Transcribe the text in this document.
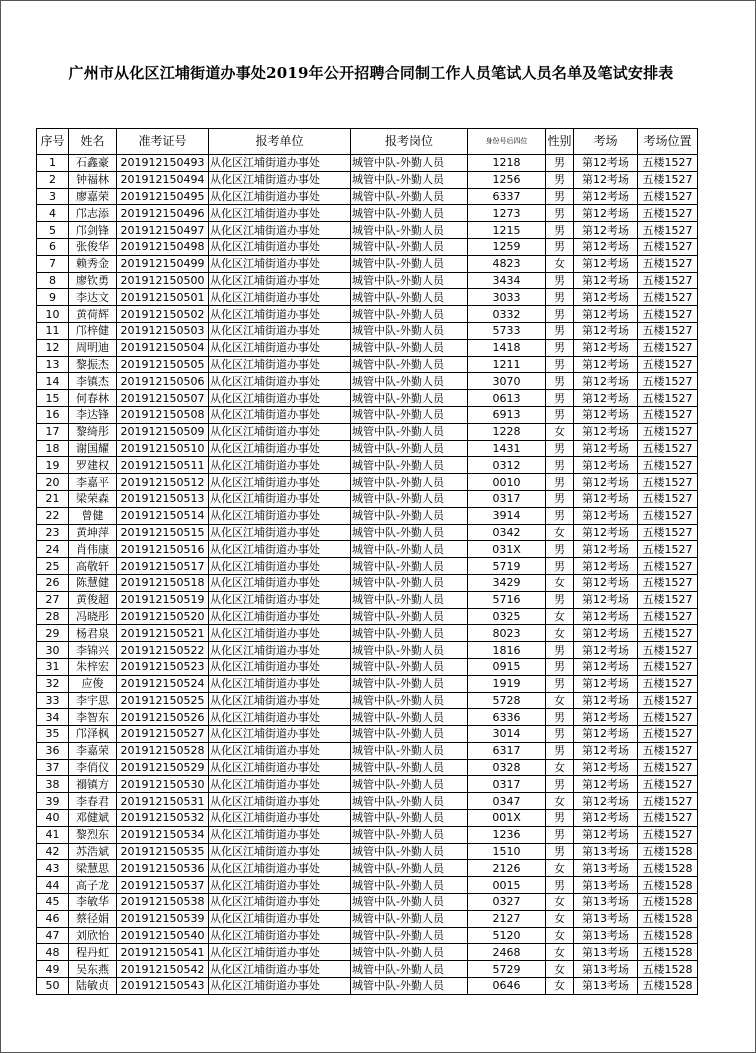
广州市从化区江埔街道办事处2019年公开招聘合同制工作人员笔试人员名单及笔试安排表
序号	姓名	准考证号	报考单位	报考岗位	身份号后四位	性别	考场	考场位置
1	石鑫豪	201912150493	从化区江埔街道办事处	城管中队-外勤人员	1218	男	第12考场	五楼1527
2	钟福林	201912150494	从化区江埔街道办事处	城管中队-外勤人员	1256	男	第12考场	五楼1527
3	廖嘉荣	201912150495	从化区江埔街道办事处	城管中队-外勤人员	6337	男	第12考场	五楼1527
4	邝志添	201912150496	从化区江埔街道办事处	城管中队-外勤人员	1273	男	第12考场	五楼1527
5	邝剑锋	201912150497	从化区江埔街道办事处	城管中队-外勤人员	1215	男	第12考场	五楼1527
6	张俊华	201912150498	从化区江埔街道办事处	城管中队-外勤人员	1259	男	第12考场	五楼1527
7	赖秀金	201912150499	从化区江埔街道办事处	城管中队-外勤人员	4823	女	第12考场	五楼1527
8	廖钦勇	201912150500	从化区江埔街道办事处	城管中队-外勤人员	3434	男	第12考场	五楼1527
9	李达文	201912150501	从化区江埔街道办事处	城管中队-外勤人员	3033	男	第12考场	五楼1527
10	黄荷辉	201912150502	从化区江埔街道办事处	城管中队-外勤人员	0332	男	第12考场	五楼1527
11	邝梓健	201912150503	从化区江埔街道办事处	城管中队-外勤人员	5733	男	第12考场	五楼1527
12	周明迪	201912150504	从化区江埔街道办事处	城管中队-外勤人员	1418	男	第12考场	五楼1527
13	黎振杰	201912150505	从化区江埔街道办事处	城管中队-外勤人员	1211	男	第12考场	五楼1527
14	李镇杰	201912150506	从化区江埔街道办事处	城管中队-外勤人员	3070	男	第12考场	五楼1527
15	何春林	201912150507	从化区江埔街道办事处	城管中队-外勤人员	0613	男	第12考场	五楼1527
16	李达锋	201912150508	从化区江埔街道办事处	城管中队-外勤人员	6913	男	第12考场	五楼1527
17	黎绮彤	201912150509	从化区江埔街道办事处	城管中队-外勤人员	1228	女	第12考场	五楼1527
18	谢国耀	201912150510	从化区江埔街道办事处	城管中队-外勤人员	1431	男	第12考场	五楼1527
19	罗建权	201912150511	从化区江埔街道办事处	城管中队-外勤人员	0312	男	第12考场	五楼1527
20	李嘉平	201912150512	从化区江埔街道办事处	城管中队-外勤人员	0010	男	第12考场	五楼1527
21	梁荣森	201912150513	从化区江埔街道办事处	城管中队-外勤人员	0317	男	第12考场	五楼1527
22	曾健	201912150514	从化区江埔街道办事处	城管中队-外勤人员	3914	男	第12考场	五楼1527
23	黄坤萍	201912150515	从化区江埔街道办事处	城管中队-外勤人员	0342	女	第12考场	五楼1527
24	肖伟康	201912150516	从化区江埔街道办事处	城管中队-外勤人员	031X	男	第12考场	五楼1527
25	高敬轩	201912150517	从化区江埔街道办事处	城管中队-外勤人员	5719	男	第12考场	五楼1527
26	陈慧健	201912150518	从化区江埔街道办事处	城管中队-外勤人员	3429	女	第12考场	五楼1527
27	黄俊超	201912150519	从化区江埔街道办事处	城管中队-外勤人员	5716	男	第12考场	五楼1527
28	冯晓彤	201912150520	从化区江埔街道办事处	城管中队-外勤人员	0325	女	第12考场	五楼1527
29	杨君泉	201912150521	从化区江埔街道办事处	城管中队-外勤人员	8023	女	第12考场	五楼1527
30	李锦兴	201912150522	从化区江埔街道办事处	城管中队-外勤人员	1816	男	第12考场	五楼1527
31	朱梓宏	201912150523	从化区江埔街道办事处	城管中队-外勤人员	0915	男	第12考场	五楼1527
32	应俊	201912150524	从化区江埔街道办事处	城管中队-外勤人员	1919	男	第12考场	五楼1527
33	李宇思	201912150525	从化区江埔街道办事处	城管中队-外勤人员	5728	女	第12考场	五楼1527
34	李智东	201912150526	从化区江埔街道办事处	城管中队-外勤人员	6336	男	第12考场	五楼1527
35	邝泽枫	201912150527	从化区江埔街道办事处	城管中队-外勤人员	3014	男	第12考场	五楼1527
36	李嘉荣	201912150528	从化区江埔街道办事处	城管中队-外勤人员	6317	男	第12考场	五楼1527
37	李俏仪	201912150529	从化区江埔街道办事处	城管中队-外勤人员	0328	女	第12考场	五楼1527
38	禤镇方	201912150530	从化区江埔街道办事处	城管中队-外勤人员	0317	男	第12考场	五楼1527
39	李春君	201912150531	从化区江埔街道办事处	城管中队-外勤人员	0347	女	第12考场	五楼1527
40	邓健斌	201912150532	从化区江埔街道办事处	城管中队-外勤人员	001X	男	第12考场	五楼1527
41	黎烈东	201912150534	从化区江埔街道办事处	城管中队-外勤人员	1236	男	第12考场	五楼1527
42	苏浩斌	201912150535	从化区江埔街道办事处	城管中队-外勤人员	1510	男	第13考场	五楼1528
43	梁慧思	201912150536	从化区江埔街道办事处	城管中队-外勤人员	2126	女	第13考场	五楼1528
44	高子龙	201912150537	从化区江埔街道办事处	城管中队-外勤人员	0015	男	第13考场	五楼1528
45	李敏华	201912150538	从化区江埔街道办事处	城管中队-外勤人员	0327	女	第13考场	五楼1528
46	蔡径娟	201912150539	从化区江埔街道办事处	城管中队-外勤人员	2127	女	第13考场	五楼1528
47	刘欣怡	201912150540	从化区江埔街道办事处	城管中队-外勤人员	5120	女	第13考场	五楼1528
48	程丹虹	201912150541	从化区江埔街道办事处	城管中队-外勤人员	2468	女	第13考场	五楼1528
49	吴东燕	201912150542	从化区江埔街道办事处	城管中队-外勤人员	5729	女	第13考场	五楼1528
50	陆敏贞	201912150543	从化区江埔街道办事处	城管中队-外勤人员	0646	女	第13考场	五楼1528
